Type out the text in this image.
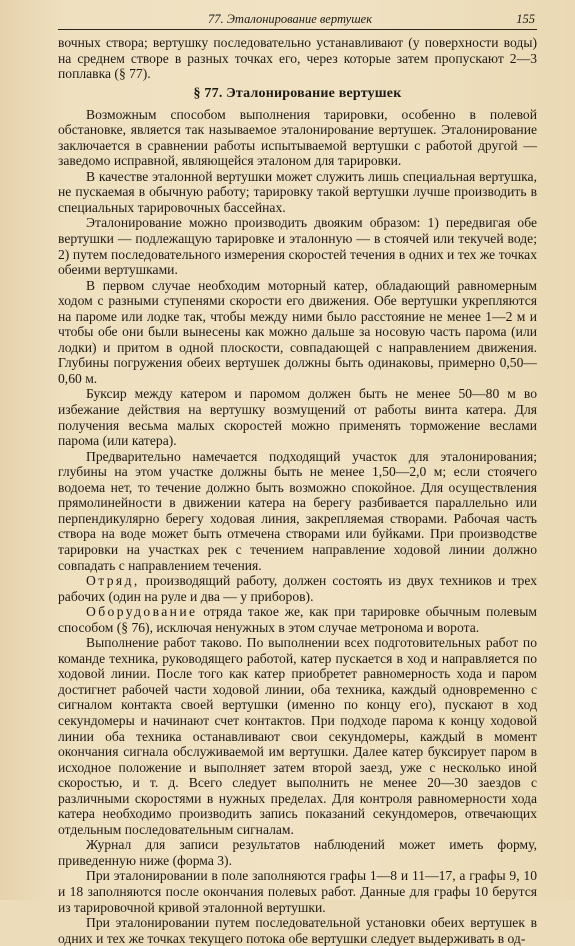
77. Эталонирование вертушек	155

вочных створа; вертушку последовательно устанавливают (у поверхности воды) на среднем створе в разных точках его, через которые затем пропускают 2—3 поплавка (§ 77).

§ 77. Эталонирование вертушек

Возможным способом выполнения тарировки, особенно в полевой обстановке, является так называемое эталонирование вертушек. Эталонирование заключается в сравнении работы испытываемой вертушки с работой другой — заведомо исправной, являющейся эталоном для тарировки.

В качестве эталонной вертушки может служить лишь специальная вертушка, не пускаемая в обычную работу; тарировку такой вертушки лучше производить в специальных тарировочных бассейнах.

Эталонирование можно производить двояким образом: 1) передвигая обе вертушки — подлежащую тарировке и эталонную — в стоячей или текучей воде; 2) путем последовательного измерения скоростей течения в одних и тех же точках обеими вертушками.

В первом случае необходим моторный катер, обладающий равномерным ходом с разными ступенями скорости его движения. Обе вертушки укрепляются на пароме или лодке так, чтобы между ними было расстояние не менее 1—2 м и чтобы обе они были вынесены как можно дальше за носовую часть парома (или лодки) и притом в одной плоскости, совпадающей с направлением движения. Глубины погружения обеих вертушек должны быть одинаковы, примерно 0,50—0,60 м.

Буксир между катером и паромом должен быть не менее 50—80 м во избежание действия на вертушку возмущений от работы винта катера. Для получения весьма малых скоростей можно применять торможение веслами парома (или катера).

Предварительно намечается подходящий участок для эталонирования; глубины на этом участке должны быть не менее 1,50—2,0 м; если стоячего водоема нет, то течение должно быть возможно спокойное. Для осуществления прямолинейности в движении катера на берегу разбивается параллельно или перпендикулярно берегу ходовая линия, закрепляемая створами. Рабочая часть створа на воде может быть отмечена створами или буйками. При производстве тарировки на участках рек с течением направление ходовой линии должно совпадать с направлением течения.

Отряд, производящий работу, должен состоять из двух техников и трех рабочих (один на руле и два — у приборов).

Оборудование отряда такое же, как при тарировке обычным полевым способом (§ 76), исключая ненужных в этом случае метронома и ворота.

Выполнение работ таково. По выполнении всех подготовительных работ по команде техника, руководящего работой, катер пускается в ход и направляется по ходовой линии. После того как катер приобретет равномерность хода и паром достигнет рабочей части ходовой линии, оба техника, каждый одновременно с сигналом контакта своей вертушки (именно по концу его), пускают в ход секундомеры и начинают счет контактов. При подходе парома к концу ходовой линии оба техника останавливают свои секундомеры, каждый в момент окончания сигнала обслуживаемой им вертушки. Далее катер буксирует паром в исходное положение и выполняет затем второй заезд, уже с несколько иной скоростью, и т. д. Всего следует выполнить не менее 20—30 заездов с различными скоростями в нужных пределах. Для контроля равномерности хода катера необходимо производить запись показаний секундомеров, отвечающих отдельным последовательным сигналам.

Журнал для записи результатов наблюдений может иметь форму, приведенную ниже (форма 3).

При эталонировании в поле заполняются графы 1—8 и 11—17, а графы 9, 10 и 18 заполняются после окончания полевых работ. Данные для графы 10 берутся из тарировочной кривой эталонной вертушки.

При эталонировании путем последовательной установки обеих вертушек в одних и тех же точках текущего потока обе вертушки следует выдерживать в од-
